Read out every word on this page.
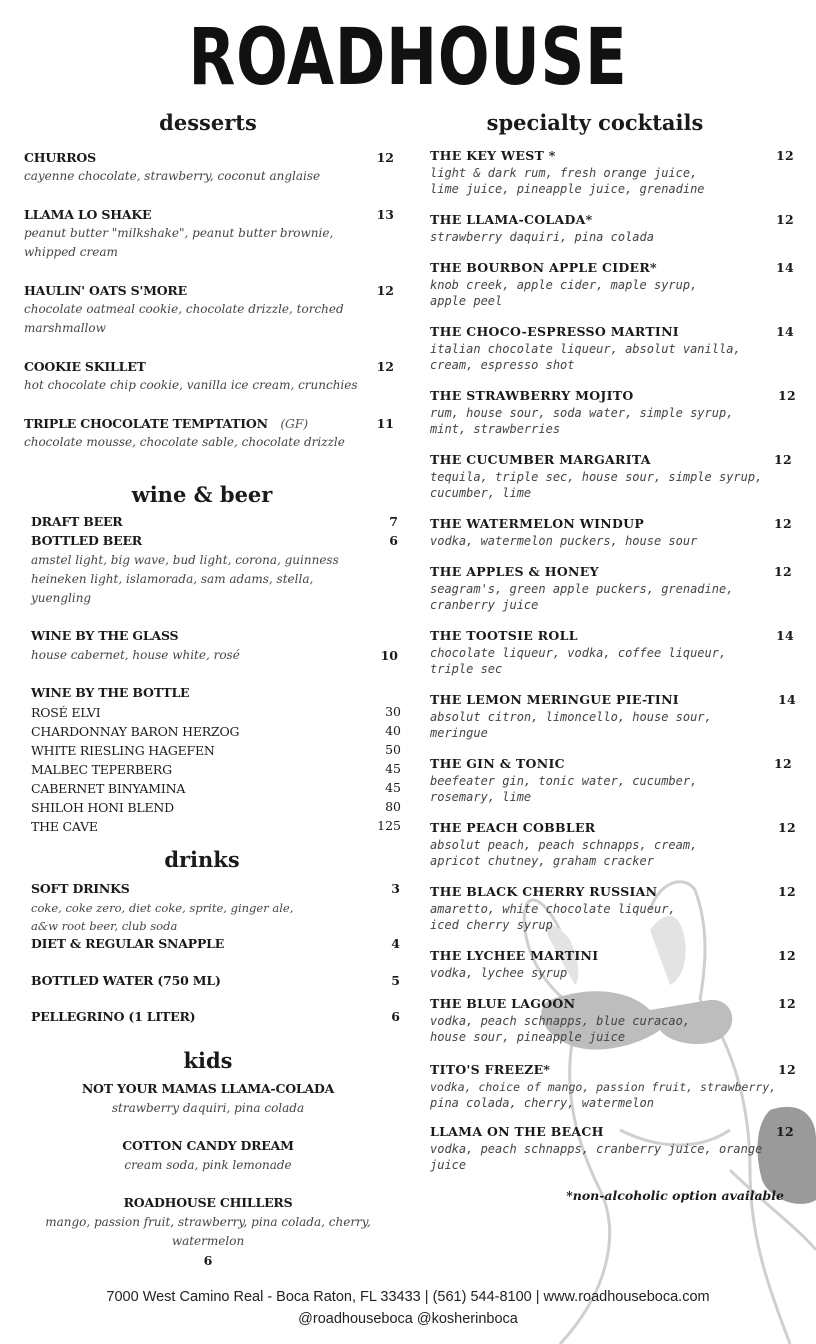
ROADHOUSE
desserts
CHURROS	12
cayenne chocolate, strawberry, coconut anglaise
LLAMA LO SHAKE	13
peanut butter "milkshake", peanut butter brownie, whipped cream
HAULIN' OATS S'MORE	12
chocolate oatmeal cookie, chocolate drizzle, torched marshmallow
COOKIE SKILLET	12
hot chocolate chip cookie, vanilla ice cream, crunchies
TRIPLE CHOCOLATE TEMPTATION (GF)	11
chocolate mousse, chocolate sable, chocolate drizzle
wine & beer
DRAFT BEER	7
BOTTLED BEER	6
amstel light, big wave, bud light, corona, guinness heineken light, islamorada, sam adams, stella, yuengling
WINE BY THE GLASS
house cabernet, house white, rosé	10
WINE BY THE BOTTLE
ROSÉ ELVI	30
CHARDONNAY BARON HERZOG	40
WHITE RIESLING HAGEFEN	50
MALBEC TEPERBERG	45
CABERNET BINYAMINA	45
SHILOH HONI BLEND	80
THE CAVE	125
drinks
SOFT DRINKS	3
coke, coke zero, diet coke, sprite, ginger ale,
a&w root beer, club soda
DIET & REGULAR SNAPPLE	4
BOTTLED WATER (750 ML)	5
PELLEGRINO (1 LITER)	6
kids
NOT YOUR MAMAS LLAMA-COLADA
strawberry daquiri, pina colada
COTTON CANDY DREAM
cream soda, pink lemonade
ROADHOUSE CHILLERS
mango, passion fruit, strawberry, pina colada, cherry, watermelon
6
specialty cocktails
THE KEY WEST *	12
light & dark rum, fresh orange juice,
lime juice, pineapple juice, grenadine
THE LLAMA-COLADA*	12
strawberry daquiri, pina colada
THE BOURBON APPLE CIDER*	14
knob creek, apple cider, maple syrup,
apple peel
THE CHOCO-ESPRESSO MARTINI	14
italian chocolate liqueur, absolut vanilla,
cream, espresso shot
THE STRAWBERRY MOJITO	12
rum, house sour, soda water, simple syrup,
mint, strawberries
THE CUCUMBER MARGARITA	12
tequila, triple sec, house sour, simple syrup,
cucumber, lime
THE WATERMELON WINDUP	12
vodka, watermelon puckers, house sour
THE APPLES & HONEY	12
seagram's, green apple puckers, grenadine,
cranberry juice
THE TOOTSIE ROLL	14
chocolate liqueur, vodka, coffee liqueur,
triple sec
THE LEMON MERINGUE PIE-TINI	14
absolut citron, limoncello, house sour,
meringue
THE GIN & TONIC	12
beefeater gin, tonic water, cucumber,
rosemary, lime
THE PEACH COBBLER	12
absolut peach, peach schnapps, cream,
apricot chutney, graham cracker
THE BLACK CHERRY RUSSIAN	12
amaretto, white chocolate liqueur,
iced cherry syrup
THE LYCHEE MARTINI	12
vodka, lychee syrup
THE BLUE LAGOON	12
vodka, peach schnapps, blue curacao,
house sour, pineapple juice
TITO'S FREEZE*	12
vodka, choice of mango, passion fruit, strawberry,
pina colada, cherry, watermelon
LLAMA ON THE BEACH	12
vodka, peach schnapps, cranberry juice, orange
juice
*non-alcoholic option available
7000 West Camino Real - Boca Raton, FL 33433 | (561) 544-8100 | www.roadhouseboca.com
@roadhouseboca @kosherinboca
